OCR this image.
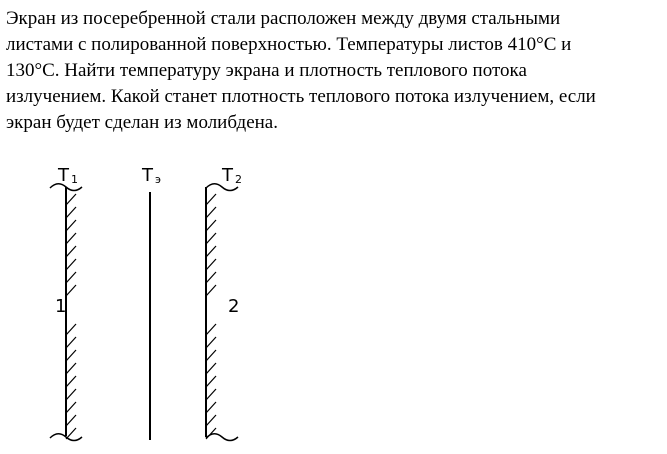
Экран из посеребренной стали расположен между двумя стальными
листами с полированной поверхностью. Температуры листов 410°С и
130°С. Найти температуру экрана и плотность теплового потока
излучением. Какой станет плотность теплового потока излучением, если
экран будет сделан из молибдена.
T 1	T э	T 2
1	2
